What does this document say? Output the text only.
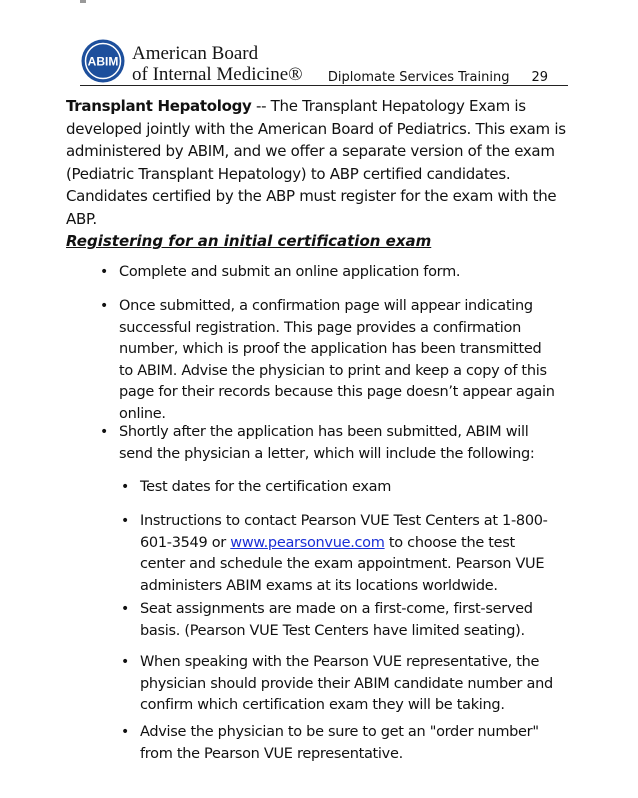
ABIM American Board
of Internal Medicine® Diplomate Services Training 29
Transplant Hepatology -- The Transplant Hepatology Exam is developed jointly with the American Board of Pediatrics. This exam is administered by ABIM, and we offer a separate version of the exam (Pediatric Transplant Hepatology) to ABP certified candidates. Candidates certified by the ABP must register for the exam with the ABP.
Registering for an initial certification exam
• Complete and submit an online application form.
• Once submitted, a confirmation page will appear indicating successful registration. This page provides a confirmation number, which is proof the application has been transmitted to ABIM. Advise the physician to print and keep a copy of this page for their records because this page doesn’t appear again online.
• Shortly after the application has been submitted, ABIM will send the physician a letter, which will include the following:
• Test dates for the certification exam
• Instructions to contact Pearson VUE Test Centers at 1-800-601-3549 or www.pearsonvue.com to choose the test center and schedule the exam appointment. Pearson VUE administers ABIM exams at its locations worldwide.
• Seat assignments are made on a first-come, first-served basis. (Pearson VUE Test Centers have limited seating).
• When speaking with the Pearson VUE representative, the physician should provide their ABIM candidate number and confirm which certification exam they will be taking.
• Advise the physician to be sure to get an "order number" from the Pearson VUE representative.
